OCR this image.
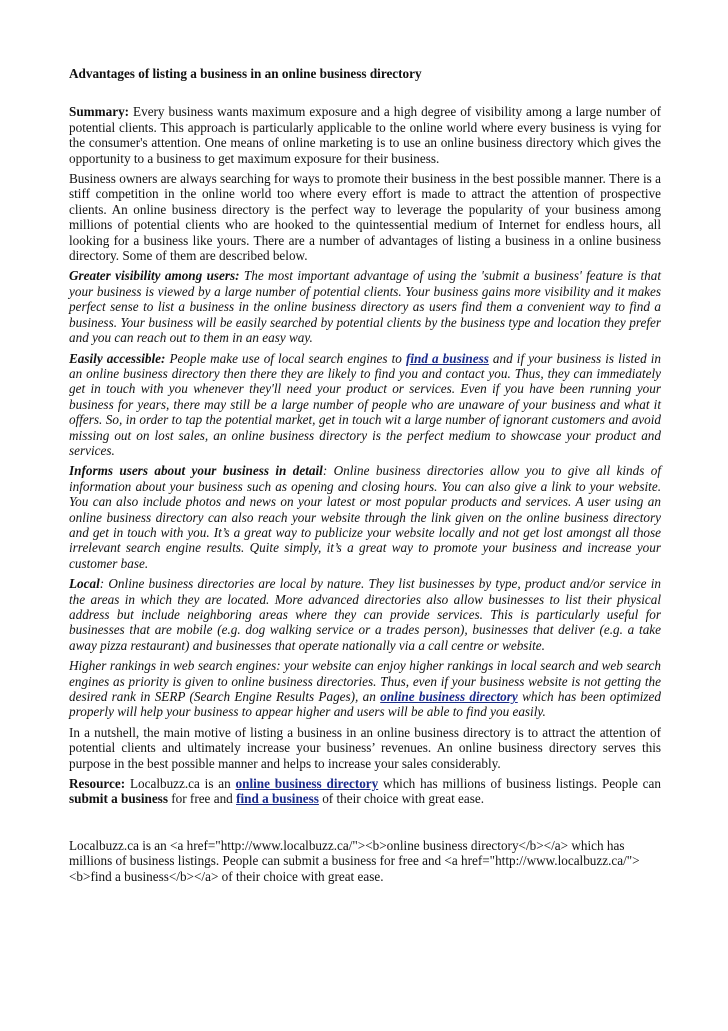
Advantages of listing a business in an online business directory

Summary: Every business wants maximum exposure and a high degree of visibility among a large number of potential clients. This approach is particularly applicable to the online world where every business is vying for the consumer's attention. One means of online marketing is to use an online business directory which gives the opportunity to a business to get maximum exposure for their business.

Business owners are always searching for ways to promote their business in the best possible manner. There is a stiff competition in the online world too where every effort is made to attract the attention of prospective clients. An online business directory is the perfect way to leverage the popularity of your business among millions of potential clients who are hooked to the quintessential medium of Internet for endless hours, all looking for a business like yours. There are a number of advantages of listing a business in a online business directory. Some of them are described below.

Greater visibility among users: The most important advantage of using the 'submit a business' feature is that your business is viewed by a large number of potential clients. Your business gains more visibility and it makes perfect sense to list a business in the online business directory as users find them a convenient way to find a business. Your business will be easily searched by potential clients by the business type and location they prefer and you can reach out to them in an easy way.

Easily accessible: People make use of local search engines to find a business and if your business is listed in an online business directory then there they are likely to find you and contact you. Thus, they can immediately get in touch with you whenever they'll need your product or services. Even if you have been running your business for years, there may still be a large number of people who are unaware of your business and what it offers. So, in order to tap the potential market, get in touch wit a large number of ignorant customers and avoid missing out on lost sales, an online business directory is the perfect medium to showcase your product and services.

Informs users about your business in detail: Online business directories allow you to give all kinds of information about your business such as opening and closing hours. You can also give a link to your website. You can also include photos and news on your latest or most popular products and services. A user using an online business directory can also reach your website through the link given on the online business directory and get in touch with you. It’s a great way to publicize your website locally and not get lost amongst all those irrelevant search engine results. Quite simply, it’s a great way to promote your business and increase your customer base.

Local: Online business directories are local by nature. They list businesses by type, product and/or service in the areas in which they are located. More advanced directories also allow businesses to list their physical address but include neighboring areas where they can provide services. This is particularly useful for businesses that are mobile (e.g. dog walking service or a trades person), businesses that deliver (e.g. a take away pizza restaurant) and businesses that operate nationally via a call centre or website.

Higher rankings in web search engines: your website can enjoy higher rankings in local search and web search engines as priority is given to online business directories. Thus, even if your business website is not getting the desired rank in SERP (Search Engine Results Pages), an online business directory which has been optimized properly will help your business to appear higher and users will be able to find you easily.

In a nutshell, the main motive of listing a business in an online business directory is to attract the attention of potential clients and ultimately increase your business’ revenues. An online business directory serves this purpose in the best possible manner and helps to increase your sales considerably.

Resource: Localbuzz.ca is an online business directory which has millions of business listings. People can submit a business for free and find a business of their choice with great ease.

Localbuzz.ca is an <a href="http://www.localbuzz.ca/"><b>online business directory</b></a> which has millions of business listings. People can submit a business for free and <a href="http://www.localbuzz.ca/"><b>find a business</b></a> of their choice with great ease.
